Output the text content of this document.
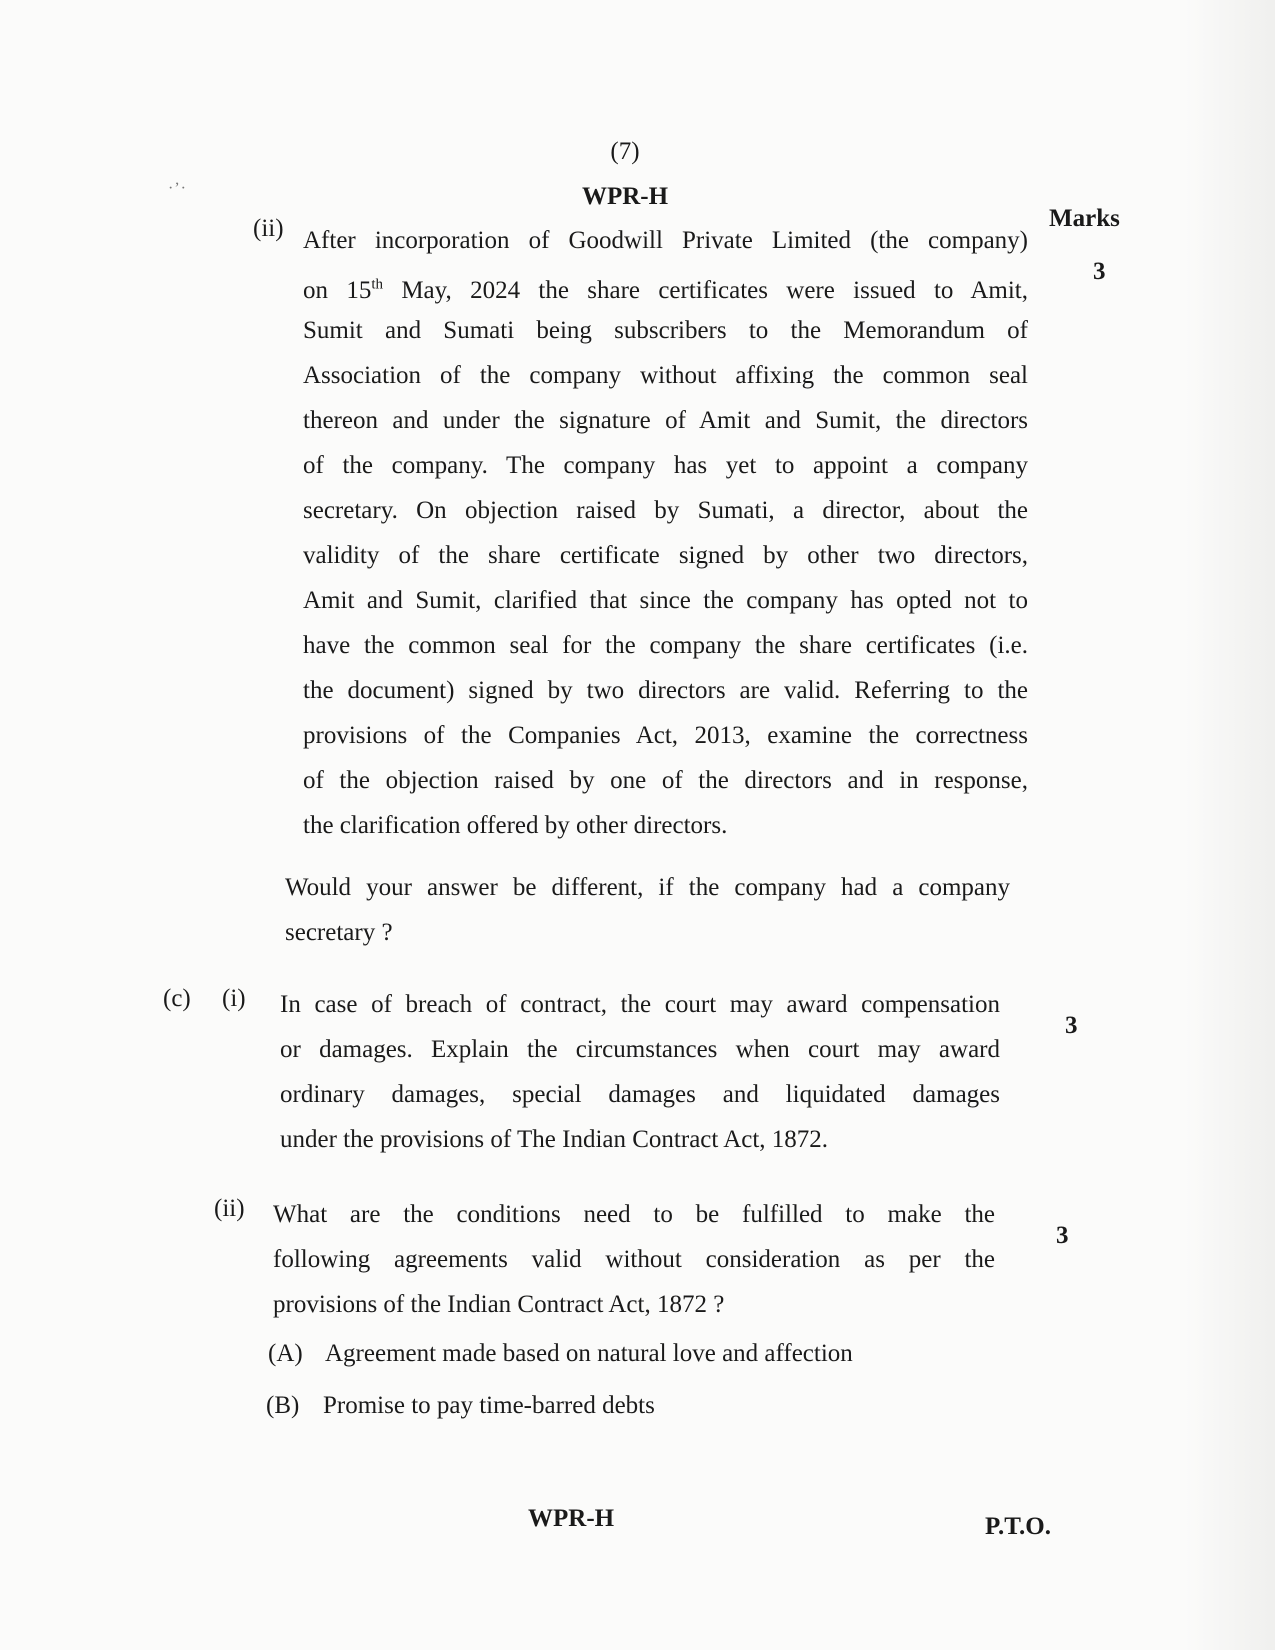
·ʼ·
(7)
WPR-H
Marks
(ii)
3
After incorporation of Goodwill Private Limited (the company)
on 15th May, 2024 the share certificates were issued to Amit,
Sumit and Sumati being subscribers to the Memorandum of
Association of the company without affixing the common seal
thereon and under the signature of Amit and Sumit, the directors
of the company. The company has yet to appoint a company
secretary. On objection raised by Sumati, a director, about the
validity of the share certificate signed by other two directors,
Amit and Sumit, clarified that since the company has opted not to
have the common seal for the company the share certificates (i.e.
the document) signed by two directors are valid. Referring to the
provisions of the Companies Act, 2013, examine the correctness
of the objection raised by one of the directors and in response,
the clarification offered by other directors.
Would your answer be different, if the company had a company
secretary ?
(c) (i)
3
In case of breach of contract, the court may award compensation
or damages. Explain the circumstances when court may award
ordinary damages, special damages and liquidated damages
under the provisions of The Indian Contract Act, 1872.
(ii)
3
What are the conditions need to be fulfilled to make the
following agreements valid without consideration as per the
provisions of the Indian Contract Act, 1872 ?
(A) Agreement made based on natural love and affection
(B) Promise to pay time-barred debts
WPR-H	P.T.O.
